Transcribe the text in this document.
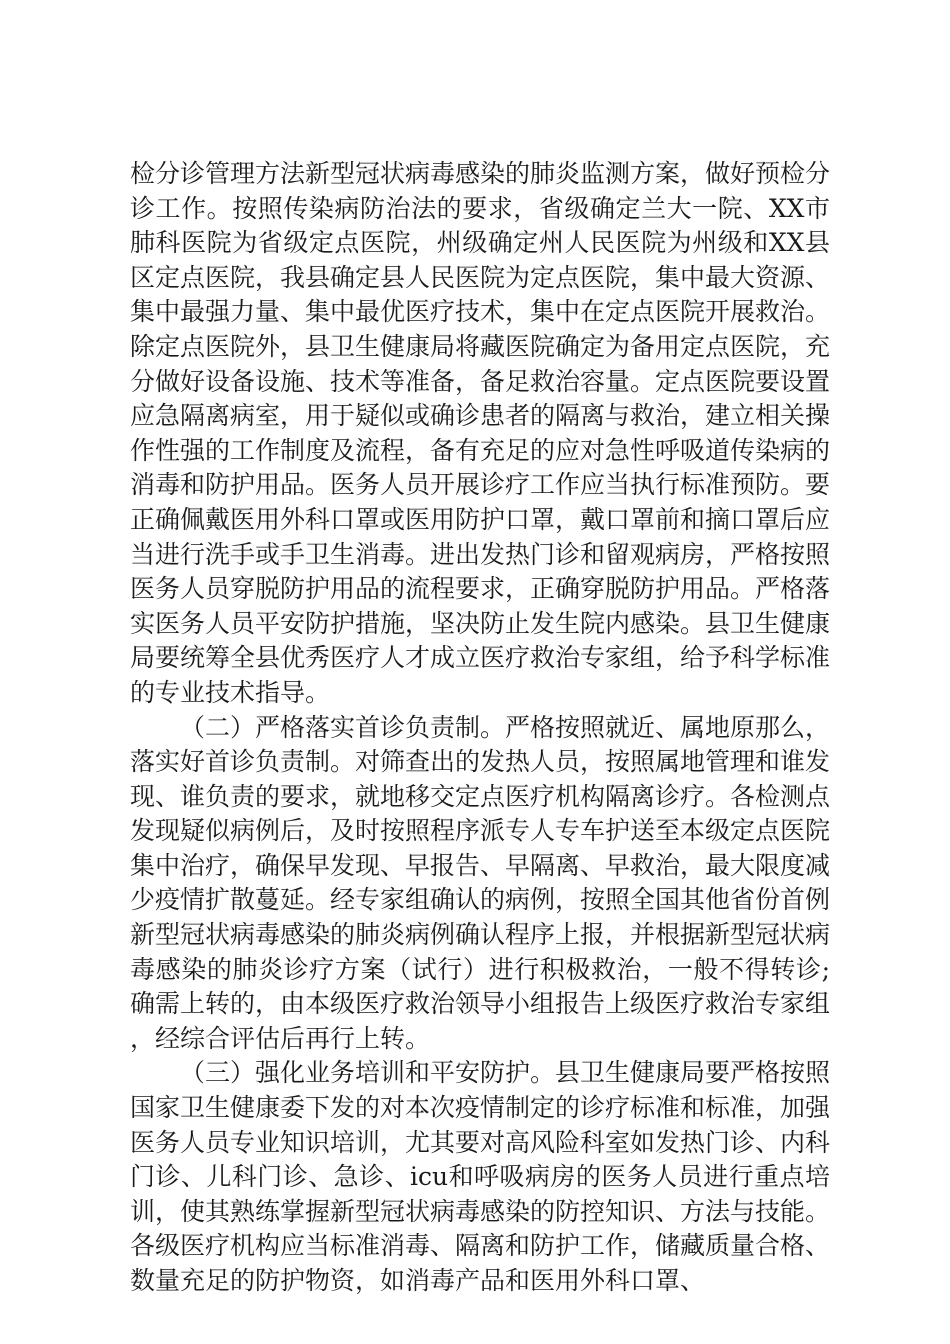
检分诊管理方法新型冠状病毒感染的肺炎监测方案，做好预检分诊工作。按照传染病防治法的要求，省级确定兰大一院、XX市肺科医院为省级定点医院，州级确定州人民医院为州级和XX县区定点医院，我县确定县人民医院为定点医院，集中最大资源、集中最强力量、集中最优医疗技术，集中在定点医院开展救治。除定点医院外，县卫生健康局将藏医院确定为备用定点医院，充分做好设备设施、技术等准备，备足救治容量。定点医院要设置应急隔离病室，用于疑似或确诊患者的隔离与救治，建立相关操作性强的工作制度及流程，备有充足的应对急性呼吸道传染病的消毒和防护用品。医务人员开展诊疗工作应当执行标准预防。要正确佩戴医用外科口罩或医用防护口罩，戴口罩前和摘口罩后应当进行洗手或手卫生消毒。进出发热门诊和留观病房，严格按照医务人员穿脱防护用品的流程要求，正确穿脱防护用品。严格落实医务人员平安防护措施，坚决防止发生院内感染。县卫生健康局要统筹全县优秀医疗人才成立医疗救治专家组，给予科学标准的专业技术指导。

（二）严格落实首诊负责制。严格按照就近、属地原那么，落实好首诊负责制。对筛查出的发热人员，按照属地管理和谁发现、谁负责的要求，就地移交定点医疗机构隔离诊疗。各检测点发现疑似病例后，及时按照程序派专人专车护送至本级定点医院集中治疗，确保早发现、早报告、早隔离、早救治，最大限度减少疫情扩散蔓延。经专家组确认的病例，按照全国其他省份首例新型冠状病毒感染的肺炎病例确认程序上报，并根据新型冠状病毒感染的肺炎诊疗方案（试行）进行积极救治，一般不得转诊;确需上转的，由本级医疗救治领导小组报告上级医疗救治专家组，经综合评估后再行上转。

（三）强化业务培训和平安防护。县卫生健康局要严格按照国家卫生健康委下发的对本次疫情制定的诊疗标准和标准，加强医务人员专业知识培训，尤其要对高风险科室如发热门诊、内科门诊、儿科门诊、急诊、icu和呼吸病房的医务人员进行重点培训，使其熟练掌握新型冠状病毒感染的防控知识、方法与技能。各级医疗机构应当标准消毒、隔离和防护工作，储藏质量合格、数量充足的防护物资，如消毒产品和医用外科口罩、
